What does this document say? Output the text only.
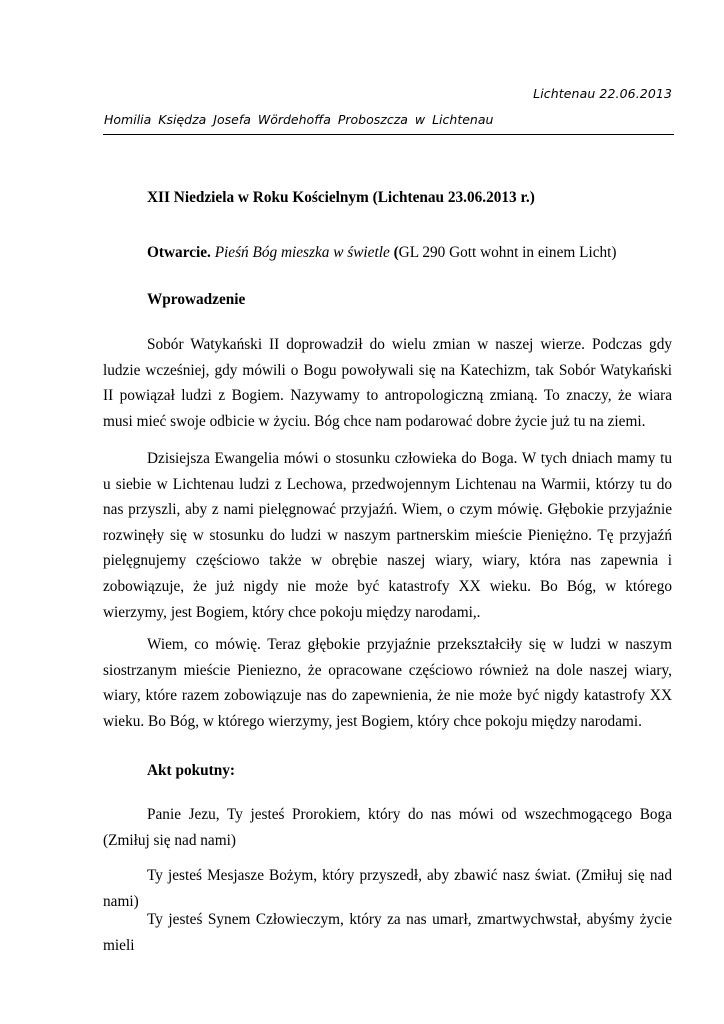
Lichtenau 22.06.2013
Homilia Księdza Josefa Wördehoffa Proboszcza w Lichtenau

XII Niedziela w Roku Kościelnym (Lichtenau 23.06.2013 r.)

Otwarcie. Pieśń Bóg mieszka w świetle (GL 290 Gott wohnt in einem Licht)

Wprowadzenie

Sobór Watykański II doprowadził do wielu zmian w naszej wierze. Podczas gdy ludzie wcześniej, gdy mówili o Bogu powoływali się na Katechizm, tak Sobór Watykański II powiązał ludzi z Bogiem. Nazywamy to antropologiczną zmianą. To znaczy, że wiara musi mieć swoje odbicie w życiu. Bóg chce nam podarować dobre życie już tu na ziemi.

Dzisiejsza Ewangelia mówi o stosunku człowieka do Boga. W tych dniach mamy tu u siebie w Lichtenau ludzi z Lechowa, przedwojennym Lichtenau na Warmii, którzy tu do nas przyszli, aby z nami pielęgnować przyjaźń. Wiem, o czym mówię. Głębokie przyjaźnie rozwinęły się w stosunku do ludzi w naszym partnerskim mieście Pieniężno. Tę przyjaźń pielęgnujemy częściowo także w obrębie naszej wiary, wiary, która nas zapewnia i zobowiązuje, że już nigdy nie może być katastrofy XX wieku. Bo Bóg, w którego wierzymy, jest Bogiem, który chce pokoju między narodami,.

Wiem, co mówię. Teraz głębokie przyjaźnie przekształciły się w ludzi w naszym siostrzanym mieście Pieniezno, że opracowane częściowo również na dole naszej wiary, wiary, które razem zobowiązuje nas do zapewnienia, że nie może być nigdy katastrofy XX wieku. Bo Bóg, w którego wierzymy, jest Bogiem, który chce pokoju między narodami.

Akt pokutny:

Panie Jezu, Ty jesteś Prorokiem, który do nas mówi od wszechmogącego Boga (Zmiłuj się nad nami)

Ty jesteś Mesjasze Bożym, który przyszedł, aby zbawić nasz świat. (Zmiłuj się nad nami)

Ty jesteś Synem Człowieczym, który za nas umarł, zmartwychwstał, abyśmy życie mieli
